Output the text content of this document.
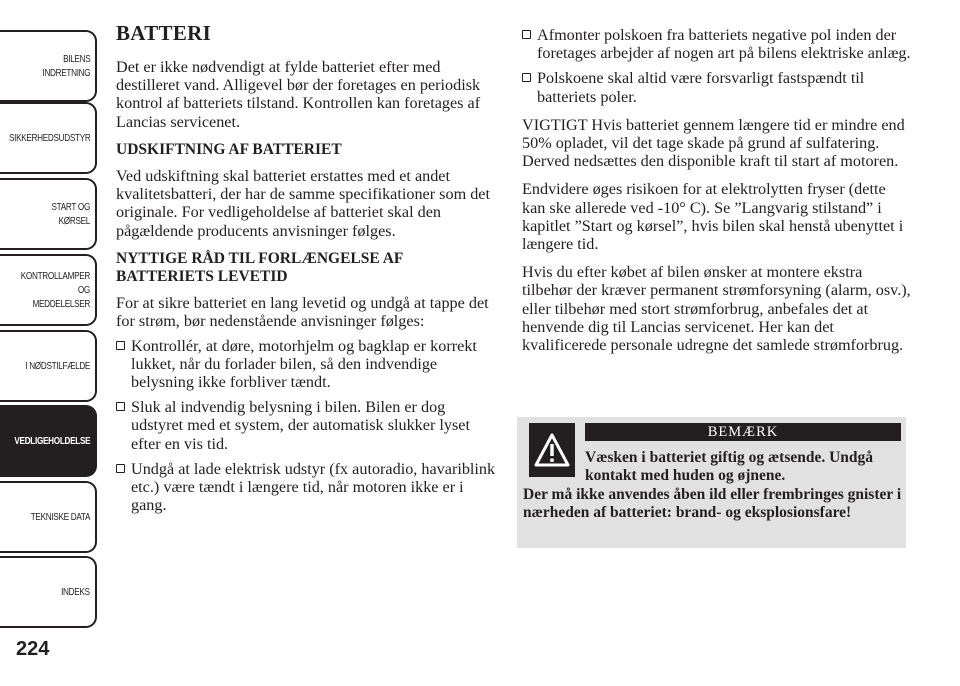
BILENS
INDRETNING
SIKKERHEDSUDSTYR
START OG KØRSEL
KONTROLLAMPER
OG MEDDELELSER
I NØDSTILFÆLDE
VEDLIGEHOLDELSE
TEKNISKE DATA
INDEKS
224
BATTERI

Det er ikke nødvendigt at fylde batteriet efter med destilleret vand. Alligevel bør der foretages en periodisk kontrol af batteriets tilstand. Kontrollen kan foretages af Lancias servicenet.

UDSKIFTNING AF BATTERIET

Ved udskiftning skal batteriet erstattes med et andet kvalitetsbatteri, der har de samme specifikationer som det originale. For vedligeholdelse af batteriet skal den pågældende producents anvisninger følges.

NYTTIGE RÅD TIL FORLÆNGELSE AF BATTERIETS LEVETID

For at sikre batteriet en lang levetid og undgå at tappe det for strøm, bør nedenstående anvisninger følges:

Kontrollér, at døre, motorhjelm og bagklap er korrekt lukket, når du forlader bilen, så den indvendige belysning ikke forbliver tændt.
Sluk al indvendig belysning i bilen. Bilen er dog udstyret med et system, der automatisk slukker lyset efter en vis tid.
Undgå at lade elektrisk udstyr (fx autoradio, havariblink etc.) være tændt i længere tid, når motoren ikke er i gang.
Afmonter polskoen fra batteriets negative pol inden der foretages arbejder af nogen art på bilens elektriske anlæg.
Polskoene skal altid være forsvarligt fastspændt til batteriets poler.

VIGTIGT Hvis batteriet gennem længere tid er mindre end 50% opladet, vil det tage skade på grund af sulfatering. Derved nedsættes den disponible kraft til start af motoren.

Endvidere øges risikoen for at elektrolytten fryser (dette kan ske allerede ved -10° C). Se ”Langvarig stilstand” i kapitlet ”Start og kørsel”, hvis bilen skal henstå ubenyttet i længere tid.

Hvis du efter købet af bilen ønsker at montere ekstra tilbehør der kræver permanent strømforsyning (alarm, osv.), eller tilbehør med stort strømforbrug, anbefales det at henvende dig til Lancias servicenet. Her kan det kvalificerede personale udregne det samlede strømforbrug.

BEMÆRK
Væsken i batteriet giftig og ætsende. Undgå kontakt med huden og øjnene.
Der må ikke anvendes åben ild eller frembringes gnister i nærheden af batteriet: brand- og eksplosionsfare!
